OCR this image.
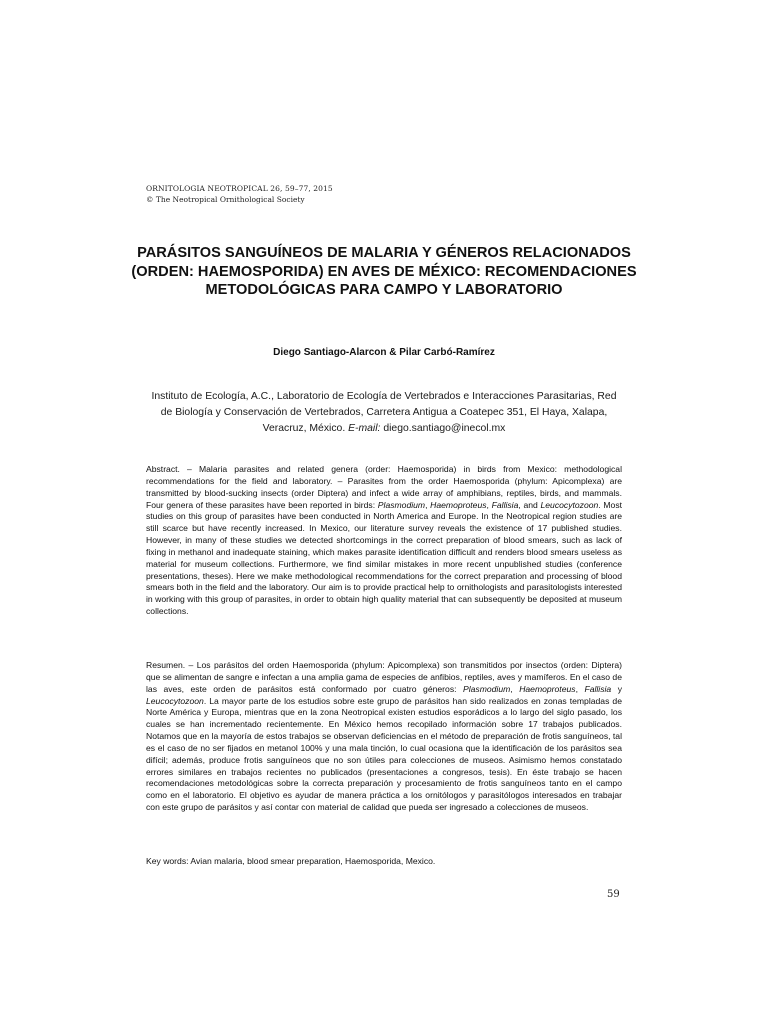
ORNITOLOGIA NEOTROPICAL 26, 59–77, 2015
© The Neotropical Ornithological Society
PARÁSITOS SANGUÍNEOS DE MALARIA Y GÉNEROS RELACIONADOS (ORDEN: HAEMOSPORIDA) EN AVES DE MÉXICO: RECOMENDACIONES METODOLÓGICAS PARA CAMPO Y LABORATORIO
Diego Santiago-Alarcon & Pilar Carbó-Ramírez
Instituto de Ecología, A.C., Laboratorio de Ecología de Vertebrados e Interacciones Parasitarias, Red de Biología y Conservación de Vertebrados, Carretera Antigua a Coatepec 351, El Haya, Xalapa, Veracruz, México. E-mail: diego.santiago@inecol.mx

Abstract. – Malaria parasites and related genera (order: Haemosporida) in birds from Mexico: methodological recommendations for the field and laboratory. – Parasites from the order Haemosporida (phylum: Apicomplexa) are transmitted by blood-sucking insects (order Diptera) and infect a wide array of amphibians, reptiles, birds, and mammals. Four genera of these parasites have been reported in birds: Plasmodium, Haemoproteus, Fallisia, and Leucocytozoon. Most studies on this group of parasites have been conducted in North America and Europe. In the Neotropical region studies are still scarce but have recently increased. In Mexico, our literature survey reveals the existence of 17 published studies. However, in many of these studies we detected shortcomings in the correct preparation of blood smears, such as lack of fixing in methanol and inadequate staining, which makes parasite identification difficult and renders blood smears useless as material for museum collections. Furthermore, we find similar mistakes in more recent unpublished studies (conference presentations, theses). Here we make methodological recommendations for the correct preparation and processing of blood smears both in the field and the laboratory. Our aim is to provide practical help to ornithologists and parasitologists interested in working with this group of parasites, in order to obtain high quality material that can subsequently be deposited at museum collections.

Resumen. – Los parásitos del orden Haemosporida (phylum: Apicomplexa) son transmitidos por insectos (orden: Diptera) que se alimentan de sangre e infectan a una amplia gama de especies de anfibios, reptiles, aves y mamíferos. En el caso de las aves, este orden de parásitos está conformado por cuatro géneros: Plasmodium, Haemoproteus, Fallisia y Leucocytozoon. La mayor parte de los estudios sobre este grupo de parásitos han sido realizados en zonas templadas de Norte América y Europa, mientras que en la zona Neotropical existen estudios esporádicos a lo largo del siglo pasado, los cuales se han incrementado recientemente. En México hemos recopilado información sobre 17 trabajos publicados. Notamos que en la mayoría de estos trabajos se observan deficiencias en el método de preparación de frotis sanguíneos, tal es el caso de no ser fijados en metanol 100% y una mala tinción, lo cual ocasiona que la identificación de los parásitos sea difícil; además, produce frotis sanguíneos que no son útiles para colecciones de museos. Asimismo hemos constatado errores similares en trabajos recientes no publicados (presentaciones a congresos, tesis). En éste trabajo se hacen recomendaciones metodológicas sobre la correcta preparación y procesamiento de frotis sanguíneos tanto en el campo como en el laboratorio. El objetivo es ayudar de manera práctica a los ornitólogos y parasitólogos interesados en trabajar con este grupo de parásitos y así contar con material de calidad que pueda ser ingresado a colecciones de museos.

Key words: Avian malaria, blood smear preparation, Haemosporida, Mexico.

59
